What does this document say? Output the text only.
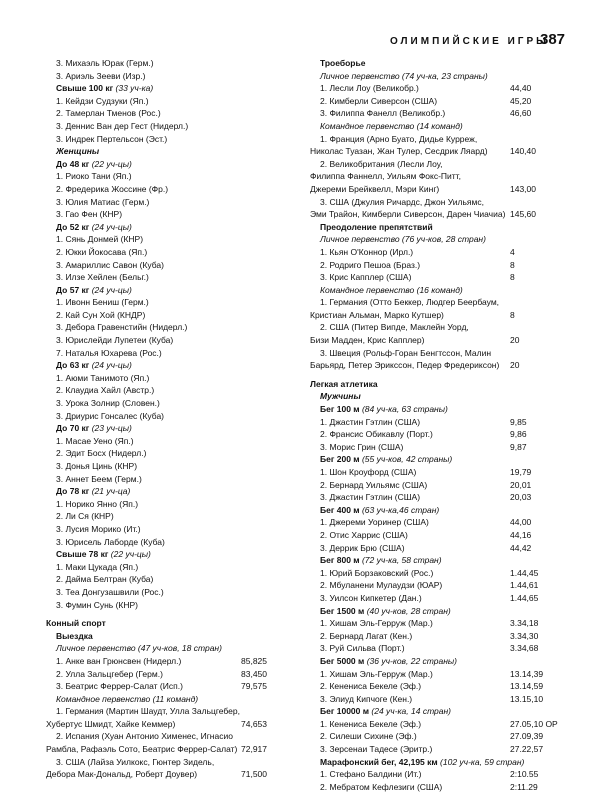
ОЛИМПИЙСКИЕ ИГРЫ
387
3. Михаэль Юрак (Герм.)
3. Ариэль Зееви (Изр.)
Свыше 100 кг (33 уч-ка)
1. Кейдзи Судзуки (Яп.)
2. Тамерлан Тменов (Рос.)
3. Деннис Ван дер Гест (Нидерл.)
3. Индрек Пертельсон (Эст.)
Женщины
До 48 кг (22 уч-цы)
1. Риоко Тани (Яп.)
2. Фредерика Жоссине (Фр.)
3. Юлия Матиас (Герм.)
3. Гао Фен (КНР)
До 52 кг (24 уч-цы)
1. Сянь Донмей (КНР)
2. Юкки Йокосава (Яп.)
3. Амариллис Савон (Куба)
3. Илзе Хейлен (Бельг.)
До 57 кг (24 уч-цы)
1. Ивонн Бениш (Герм.)
2. Кай Сун Хой (КНДР)
3. Дебора Гравенстийн (Нидерл.)
3. Юрислейди Лупетеи (Куба)
7. Наталья Юхарева (Рос.)
До 63 кг (24 уч-цы)
1. Аюми Танимото (Яп.)
2. Клаудиа Хайл (Австр.)
3. Урока Золнир (Словен.)
3. Дриурис Гонсалес (Куба)
До 70 кг (23 уч-цы)
1. Масае Уено (Яп.)
2. Эдит Босх (Нидерл.)
3. Донья Цинь (КНР)
3. Аннет Беем (Герм.)
До 78 кг (21 уч-ца)
1. Норико Янно (Яп.)
2. Ли Ся (КНР)
3. Лусия Морико (Ит.)
3. Юрисель Лаборде (Куба)
Свыше 78 кг (22 уч-цы)
1. Маки Цукада (Яп.)
2. Дайма Белтран (Куба)
3. Теа Донгузашвили (Рос.)
3. Фумин Сунь (КНР)
Конный спорт
Выездка
Личное первенство (47 уч-ков, 18 стран)
1. Анке ван Грюнсвен (Нидерл.)	85,825
2. Улла Зальцгебер (Герм.)	83,450
3. Беатрис Феррер-Салат (Исп.)	79,575
Командное первенство (11 команд)
1. Германия (Мартин Шаудт, Улла Зальцгебер,
Хубертус Шмидт, Хайке Кеммер)	74,653
2. Испания (Хуан Антонио Хименес, Игнасио
Рамбла, Рафаэль Сото, Беатрис Феррер-Салат) 72,917
3. США (Лайза Уилкокс, Гюнтер Зидель,
Дебора Мак-Дональд, Роберт Доувер)	71,500
Троеборье
Личное первенство (74 уч-ка, 23 страны)
1. Лесли Лоу (Великобр.)	44,40
2. Кимберли Сиверсон (США)	45,20
3. Филиппа Фанелл (Великобр.)	46,60
Командное первенство (14 команд)
1. Франция (Арно Буато, Дидье Курреж,
Николас Туазан, Жан Тулер, Сесдрик Ляард)	140,40
2. Великобритания (Лесли Лоу,
Филиппа Фаннелл, Уильям Фокс-Питт,
Джереми Брейквелл, Мэри Кинг)	143,00
3. США (Джулия Ричардс, Джон Уильямс,
Эми Трайон, Кимберли Сиверсон, Дарен Чиачиа) 145,60
Преодоление препятствий
Личное первенство (76 уч-ков, 28 стран)
1. Кьян О'Коннор (Ирл.)	4
2. Родриго Пешоа (Браз.)	8
3. Крис Капплер (США)	8
Командное первенство (16 команд)
1. Германия (Отто Беккер, Людгер Беербаум,
Кристиан Альман, Марко Кутшер)	8
2. США (Питер Випде, Маклейн Уорд,
Бизи Мадден, Крис Капплер)	20
3. Швеция (Рольф-Горан Бенгтссон, Малин
Барьярд, Петер Эрикссон, Педер Фредериксон) 20
Легкая атлетика
Мужчины
Бег 100 м (84 уч-ка, 63 страны)
1. Джастин Гэтлин (США)	9,85
2. Франсис Обикавлу (Порт.)	9,86
3. Морис Грин (США)	9,87
Бег 200 м (55 уч-ков, 42 страны)
1. Шон Кроуфорд (США)	19,79
2. Бернард Уильямс (США)	20,01
3. Джастин Гэтлин (США)	20,03
Бег 400 м (63 уч-ка,46 стран)
1. Джереми Уоринер (США)	44,00
2. Отис Харрис (США)	44,16
3. Деррик Брю (США)	44,42
Бег 800 м (72 уч-ка, 58 стран)
1. Юрий Борзаковский (Рос.)	1.44,45
2. Мбуланени Мулаудзи (ЮАР)	1.44,61
3. Уилсон Кипкетер (Дан.)	1.44,65
Бег 1500 м (40 уч-ков, 28 стран)
1. Хишам Эль-Герруж (Мар.)	3.34,18
2. Бернард Лагат (Кен.)	3.34,30
3. Руй Сильва (Порт.)	3.34,68
Бег 5000 м (36 уч-ков, 22 страны)
1. Хишам Эль-Герруж (Мар.)	13.14,39
2. Кенениса Бекеле (Эф.)	13.14,59
3. Элиуд Кипчоге (Кен.)	13.15,10
Бег 10000 м (24 уч-ка, 14 стран)
1. Кенениса Бекеле (Эф.)	27.05,10 OP
2. Силеши Сихине (Эф.)	27.09,39
3. Зерсенаи Тадесе (Эритр.)	27.22,57
Марафонский бег, 42,195 км (102 уч-ка, 59 стран)
1. Стефано Балдини (Ит.)	2:10.55
2. Мебратом Кефлезиги (США)	2:11.29
